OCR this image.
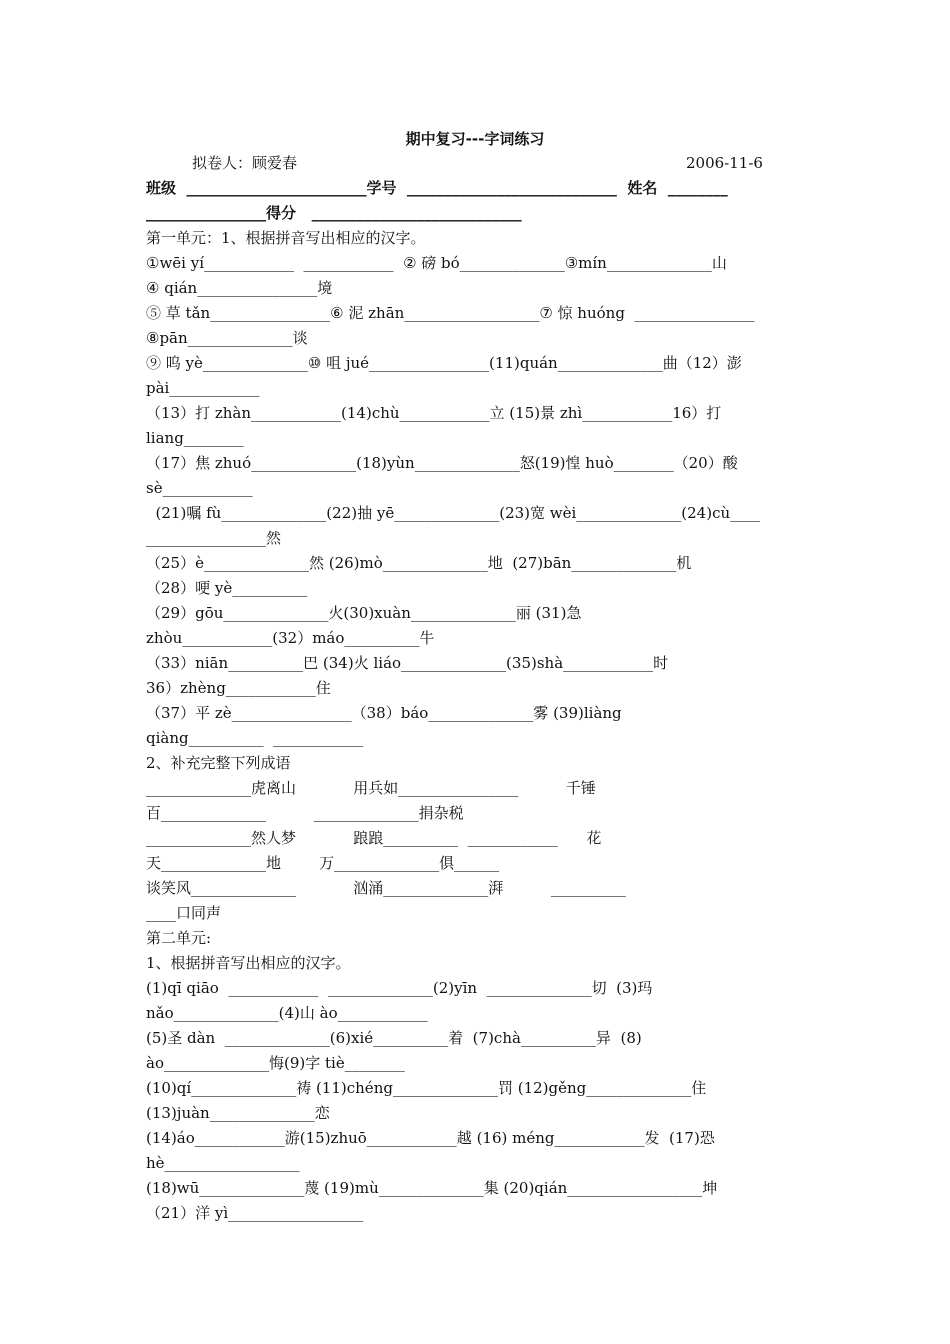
期中复习---字词练习
拟卷人：顾爱春	2006-11-6
班级  ________________________学号  ____________________________  姓名  ________
________________得分   ____________________________
第一单元：1、根据拼音写出相应的汉字。
①wēi yí____________  ____________  ② 磅 bó______________③mín______________山
④ qián________________境
⑤ 草 tǎn________________⑥ 泥 zhān__________________⑦ 惊 huóng  ________________
⑧pān______________谈
⑨ 呜 yè______________⑩ 咀 jué________________(11)quán______________曲（12）澎
pài____________
（13）打 zhàn____________(14)chù____________立 (15)景 zhì____________16）打
liang________
（17）焦 zhuó______________(18)yùn______________怒(19)惶 huò________（20）酸
sè____________
(21)嘱 fù______________(22)抽 yē______________(23)宽 wèi______________(24)cù____
________________然
（25）è______________然 (26)mò______________地  (27)bān______________机
（28）哽 yè__________
（29）gōu______________火(30)xuàn______________丽 (31)急
zhòu____________(32）máo__________牛
（33）niān__________巴 (34)火 liáo______________(35)shà____________时
36）zhèng____________住
（37）平 zè________________（38）báo______________雾 (39)liàng
qiàng__________  ____________
2、补充完整下列成语
______________虎离山            用兵如________________          千锤
百______________          ______________捐杂税
______________然人梦            踉踉__________  ____________      花
天______________地        万______________俱______
谈笑风______________            汹涌______________湃          __________
____口同声
第二单元:
1、根据拼音写出相应的汉字。
(1)qī qiāo  ____________  ______________(2)yīn  ______________切  (3)玛
nǎo______________(4)山 ào____________
(5)圣 dàn  ______________(6)xié__________着  (7)chà__________异  (8)
ào______________悔(9)字 tiè________
(10)qí______________祷 (11)chéng______________罚 (12)gěng______________住
(13)juàn______________恋
(14)áo____________游(15)zhuō____________越 (16) méng____________发  (17)恐
hè__________________
(18)wū______________蔑 (19)mù______________集 (20)qián__________________坤
（21）洋 yì__________________
